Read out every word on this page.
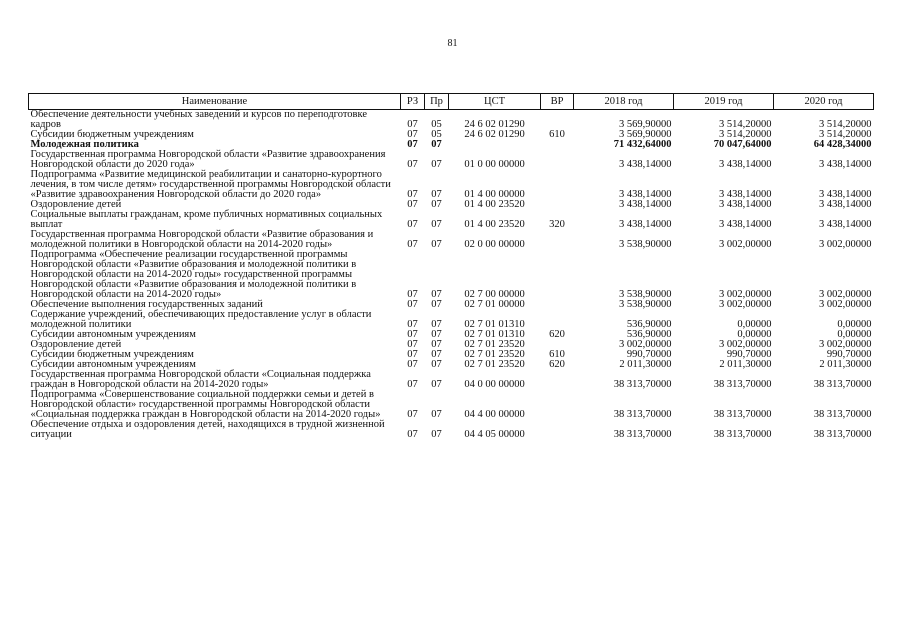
81
Наименование	РЗ	Пр	ЦСТ	ВР	2018 год	2019 год	2020 год
Обеспечение деятельности учебных заведений и курсов по переподготовке кадров	07	05	24 6 02 01290		3 569,90000	3 514,20000	3 514,20000
Субсидии бюджетным учреждениям	07	05	24 6 02 01290	610	3 569,90000	3 514,20000	3 514,20000
Молодежная политика	07	07			71 432,64000	70 047,64000	64 428,34000
Государственная программа Новгородской области «Развитие здравоохранения Новгородской области до 2020 года»	07	07	01 0 00 00000		3 438,14000	3 438,14000	3 438,14000
Подпрограмма «Развитие медицинской реабилитации и санаторно-курортного лечения, в том числе детям» государственной программы Новгородской области «Развитие здравоохранения Новгородской области до 2020 года»	07	07	01 4 00 00000		3 438,14000	3 438,14000	3 438,14000
Оздоровление детей	07	07	01 4 00 23520		3 438,14000	3 438,14000	3 438,14000
Социальные выплаты гражданам, кроме публичных нормативных социальных выплат	07	07	01 4 00 23520	320	3 438,14000	3 438,14000	3 438,14000
Государственная программа Новгородской области «Развитие образования и молодежной политики в Новгородской области на 2014-2020 годы»	07	07	02 0 00 00000		3 538,90000	3 002,00000	3 002,00000
Подпрограмма «Обеспечение реализации государственной программы Новгородской области «Развитие образования и молодежной политики в Новгородской области на 2014-2020 годы» государственной программы Новгородской области «Развитие образования и молодежной политики в Новгородской области на 2014-2020 годы»	07	07	02 7 00 00000		3 538,90000	3 002,00000	3 002,00000
Обеспечение выполнения государственных заданий	07	07	02 7 01 00000		3 538,90000	3 002,00000	3 002,00000
Содержание учреждений, обеспечивающих предоставление услуг в области молодежной политики	07	07	02 7 01 01310		536,90000	0,00000	0,00000
Субсидии автономным учреждениям	07	07	02 7 01 01310	620	536,90000	0,00000	0,00000
Оздоровление детей	07	07	02 7 01 23520		3 002,00000	3 002,00000	3 002,00000
Субсидии бюджетным учреждениям	07	07	02 7 01 23520	610	990,70000	990,70000	990,70000
Субсидии автономным учреждениям	07	07	02 7 01 23520	620	2 011,30000	2 011,30000	2 011,30000
Государственная программа Новгородской области «Социальная поддержка граждан в Новгородской области на 2014-2020 годы»	07	07	04 0 00 00000		38 313,70000	38 313,70000	38 313,70000
Подпрограмма «Совершенствование социальной поддержки семьи и детей в Новгородской области» государственной программы Новгородской области «Социальная поддержка граждан в Новгородской области на 2014-2020 годы»	07	07	04 4 00 00000		38 313,70000	38 313,70000	38 313,70000
Обеспечение отдыха и оздоровления детей, находящихся в трудной жизненной ситуации	07	07	04 4 05 00000		38 313,70000	38 313,70000	38 313,70000
